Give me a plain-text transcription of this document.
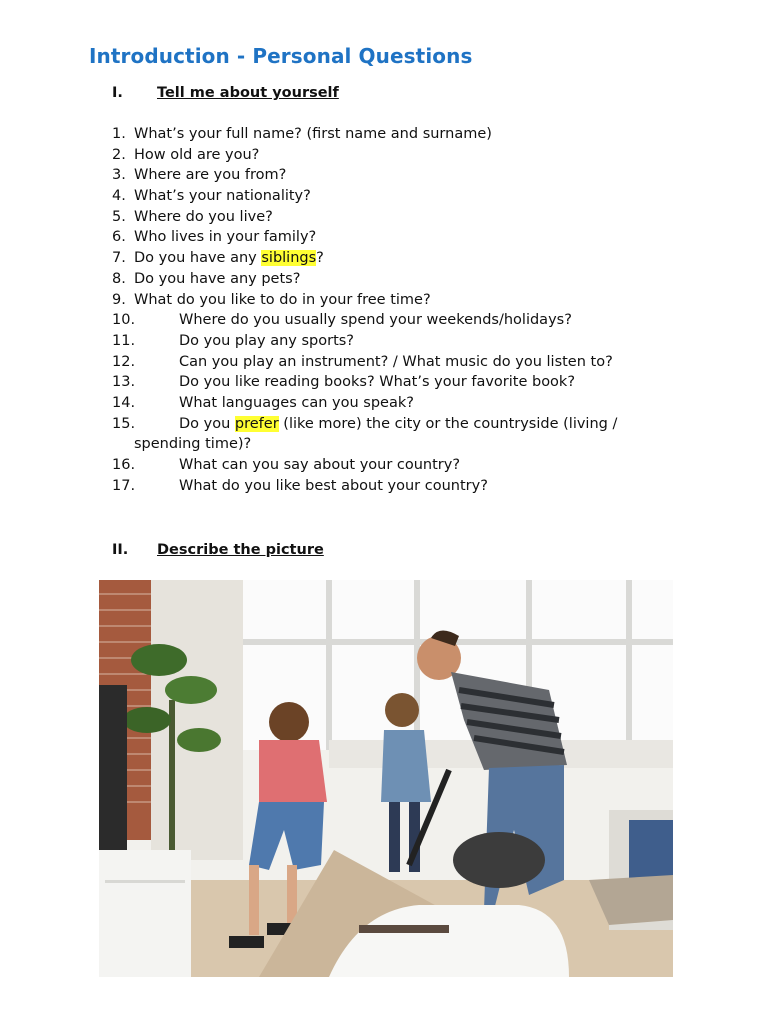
Introduction - Personal Questions
I. Tell me about yourself
1. What’s your full name? (first name and surname)
2. How old are you?
3. Where are you from?
4. What’s your nationality?
5. Where do you live?
6. Who lives in your family?
7. Do you have any siblings?
8. Do you have any pets?
9. What do you like to do in your free time?
10.	Where do you usually spend your weekends/holidays?
11.	Do you play any sports?
12.	Can you play an instrument? / What music do you listen to?
13.	Do you like reading books? What’s your favorite book?
14.	What languages can you speak?
15.	Do you prefer (like more) the city or the countryside (living /
spending time)?
16.	What can you say about your country?
17.	What do you like best about your country?
II. Describe the picture
